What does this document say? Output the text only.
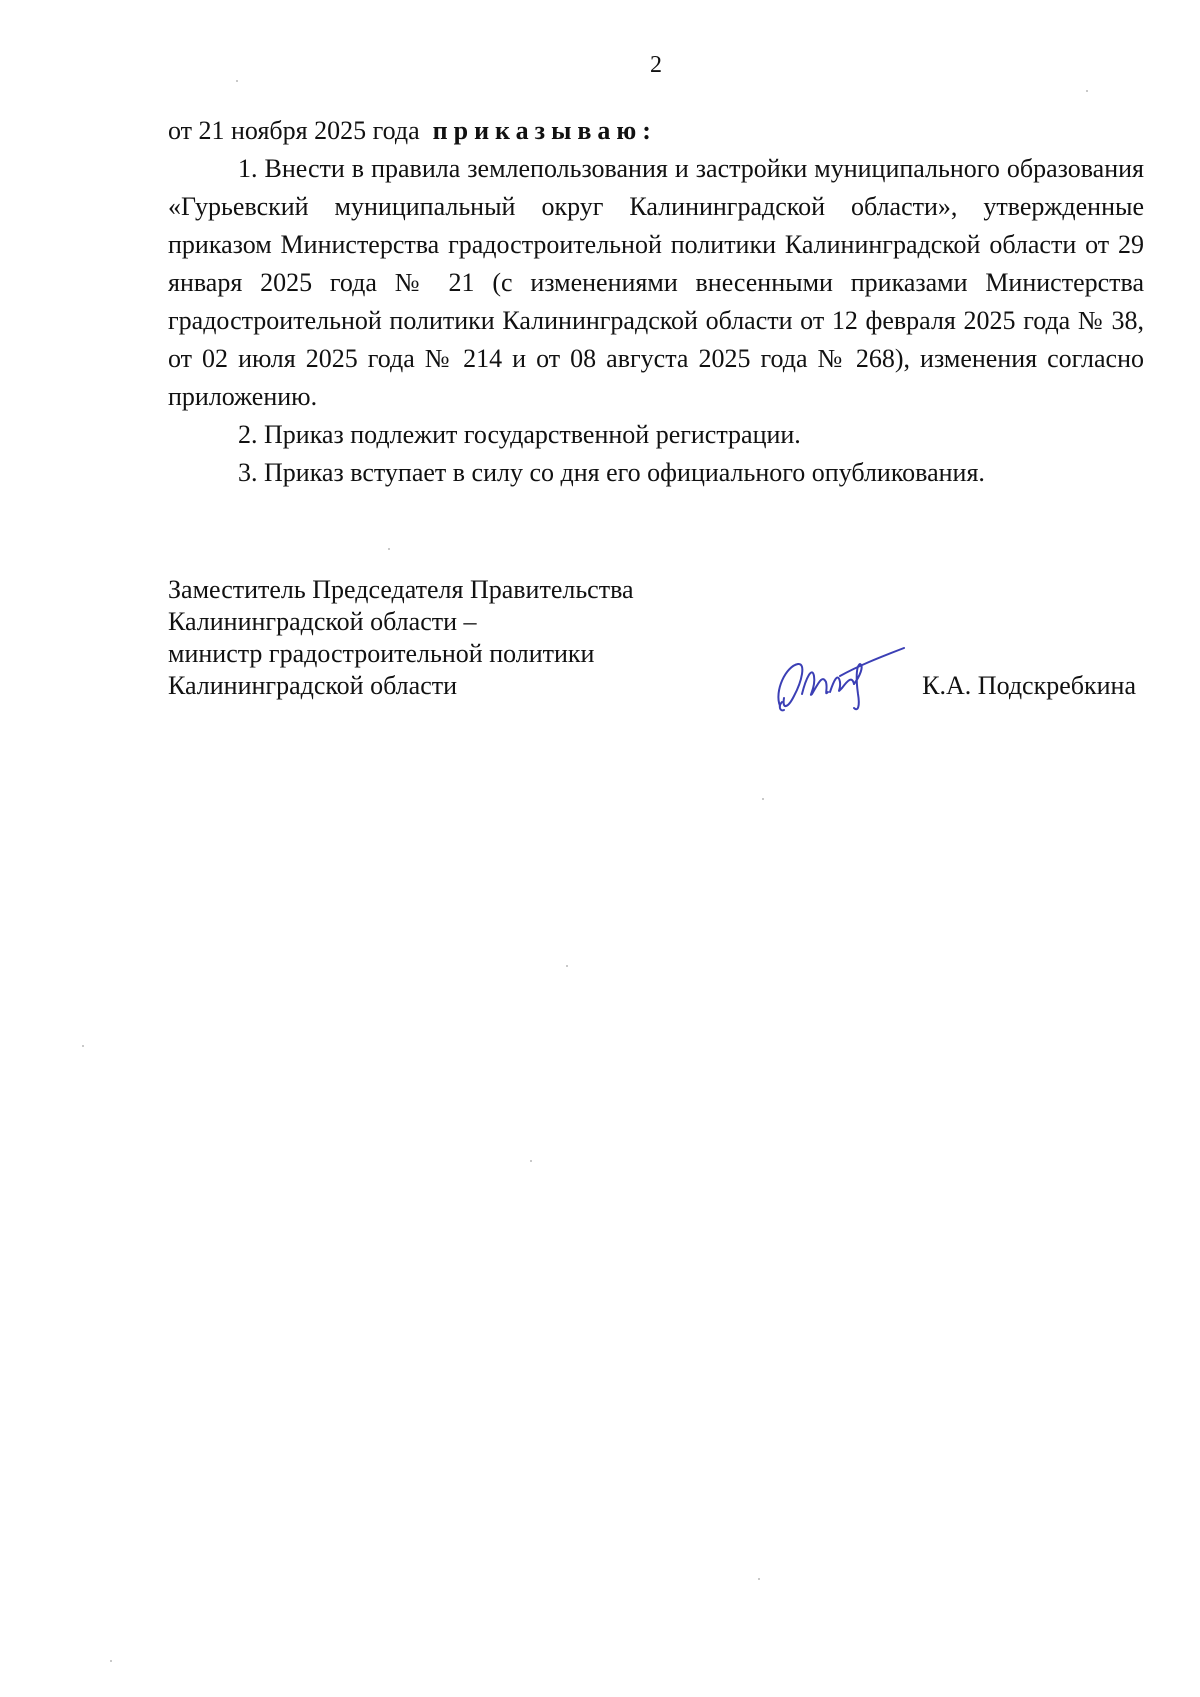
2

от 21 ноября 2025 года приказываю:

1. Внести в правила землепользования и застройки муниципального образования «Гурьевский муниципальный округ Калининградской области», утвержденные приказом Министерства градостроительной политики Калининградской области от 29 января 2025 года № 21 (с изменениями внесенными приказами Министерства градостроительной политики Калининградской области от 12 февраля 2025 года № 38, от 02 июля 2025 года № 214 и от 08 августа 2025 года № 268), изменения согласно приложению.

2. Приказ подлежит государственной регистрации.

3. Приказ вступает в силу со дня его официального опубликования.

Заместитель Председателя Правительства
Калининградской области –
министр градостроительной политики
Калининградской области	К.А. Подскребкина
